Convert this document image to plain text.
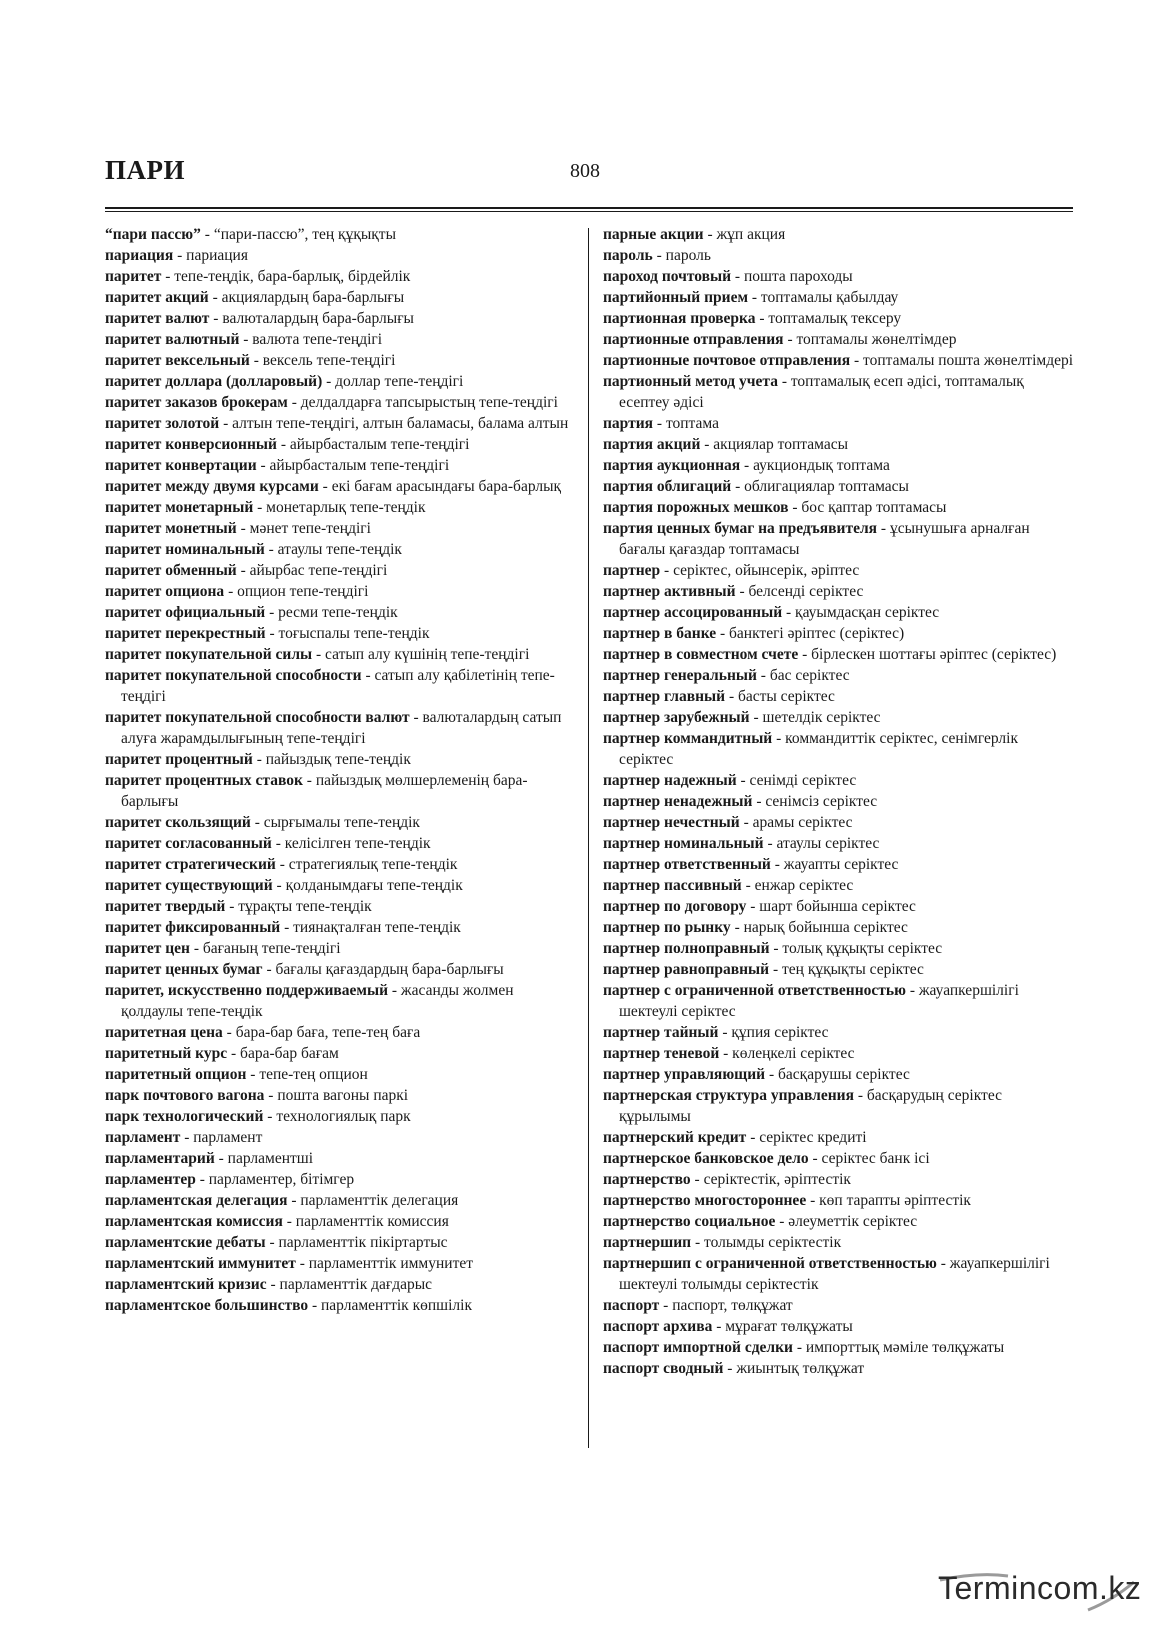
ПАРИ	808

“пари пассю” - “пари-пассю”, тең құқықты

париация - париация

паритет - тепе-теңдік, бара-барлық, бірдейлік

паритет акций - акциялардың бара-барлығы

паритет валют - валюталардың бара-барлығы

паритет валютный - валюта тепе-теңдігі

паритет вексельный - вексель тепе-теңдігі

паритет доллара (долларовый) - доллар тепе-теңдігі

паритет заказов брокерам - делдалдарға тапсырыстың тепе-теңдігі

паритет золотой - алтын тепе-теңдігі, алтын баламасы, балама алтын

паритет конверсионный - айырбасталым тепе-теңдігі

паритет конвертации - айырбасталым тепе-теңдігі

паритет между двумя курсами - екі бағам арасындағы бара-барлық

паритет монетарный - монетарлық тепе-теңдік

паритет монетный - мәнет тепе-теңдігі

паритет номинальный - атаулы тепе-теңдік

паритет обменный - айырбас тепе-теңдігі

паритет опциона - опцион тепе-теңдігі

паритет официальный - ресми тепе-теңдік

паритет перекрестный - тоғыспалы тепе-теңдік

паритет покупательной силы - сатып алу күшінің тепе-теңдігі

паритет покупательной способности - сатып алу қабілетінің тепе-теңдігі

паритет покупательной способности валют - валюталардың сатып алуға жарамдылығының тепе-теңдігі

паритет процентный - пайыздық тепе-теңдік

паритет процентных ставок - пайыздық мөлшерлеменің бара-барлығы

паритет скользящий - сырғымалы тепе-теңдік

паритет согласованный - келісілген тепе-теңдік

паритет стратегический - стратегиялық тепе-теңдік

паритет существующий - қолданымдағы тепе-теңдік

паритет твердый - тұрақты тепе-теңдік

паритет фиксированный - тиянақталған тепе-теңдік

паритет цен - бағаның тепе-теңдігі

паритет ценных бумаг - бағалы қағаздардың бара-барлығы

паритет, искусственно поддерживаемый - жасанды жолмен қолдаулы тепе-теңдік

паритетная цена - бара-бар баға, тепе-тең баға

паритетный курс - бара-бар бағам

паритетный опцион - тепе-тең опцион

парк почтового вагона - пошта вагоны паркі

парк технологический - технологиялық парк

парламент - парламент

парламентарий - парламентші

парламентер - парламентер, бітімгер

парламентская делегация - парламенттік делегация

парламентская комиссия - парламенттік комиссия

парламентские дебаты - парламенттік пікіртартыс

парламентский иммунитет - парламенттік иммунитет

парламентский кризис - парламенттік дағдарыс

парламентское большинство - парламенттік көпшілік

парные акции - жұп акция

пароль - пароль

пароход почтовый - пошта пароходы

партийонный прием - топтамалы қабылдау

партионная проверка - топтамалық тексеру

партионные отправления - топтамалы жөнелтімдер

партионные почтовое отправления - топтамалы пошта жөнелтімдері

партионный метод учета - топтамалық есеп әдісі, топтамалық есептеу әдісі

партия - топтама

партия акций - акциялар топтамасы

партия аукционная - аукциондық топтама

партия облигаций - облигациялар топтамасы

партия порожных мешков - бос қаптар топтамасы

партия ценных бумаг на предъявителя - ұсынушыға арналған бағалы қағаздар топтамасы

партнер - серіктес, ойынсерік, әріптес

партнер активный - белсенді серіктес

партнер ассоцированный - қауымдасқан серіктес

партнер в банке - банктегі әріптес (серіктес)

партнер в совместном счете - бірлескен шоттағы әріптес (серіктес)

партнер генеральный - бас серіктес

партнер главный - басты серіктес

партнер зарубежный - шетелдік серіктес

партнер коммандитный - коммандиттік серіктес, сенімгерлік серіктес

партнер надежный - сенімді серіктес

партнер ненадежный - сенімсіз серіктес

партнер нечестный - арамы серіктес

партнер номинальный - атаулы серіктес

партнер ответственный - жауапты серіктес

партнер пассивный - енжар серіктес

партнер по договору - шарт бойынша серіктес

партнер по рынку - нарық бойынша серіктес

партнер полноправный - толық құқықты серіктес

партнер равноправный - тең құқықты серіктес

партнер с ограниченной ответственностью - жауапкершілігі шектеулі серіктес

партнер тайный - құпия серіктес

партнер теневой - көлеңкелі серіктес

партнер управляющий - басқарушы серіктес

партнерская структура управления - басқарудың серіктес құрылымы

партнерский кредит - серіктес кредиті

партнерское банковское дело - серіктес банк ісі

партнерство - серіктестік, әріптестік

партнерство многостороннее - көп тарапты әріптестік

партнерство социальное - әлеуметтік серіктес

партнершип - толымды серіктестік

партнершип с ограниченной ответственностью - жауапкершілігі шектеулі толымды серіктестік

паспорт - паспорт, төлқұжат

паспорт архива - мұрағат төлқұжаты

паспорт импортной сделки - импорттық мәміле төлқұжаты

паспорт сводный - жиынтық төлқұжат

Termincom.kz
